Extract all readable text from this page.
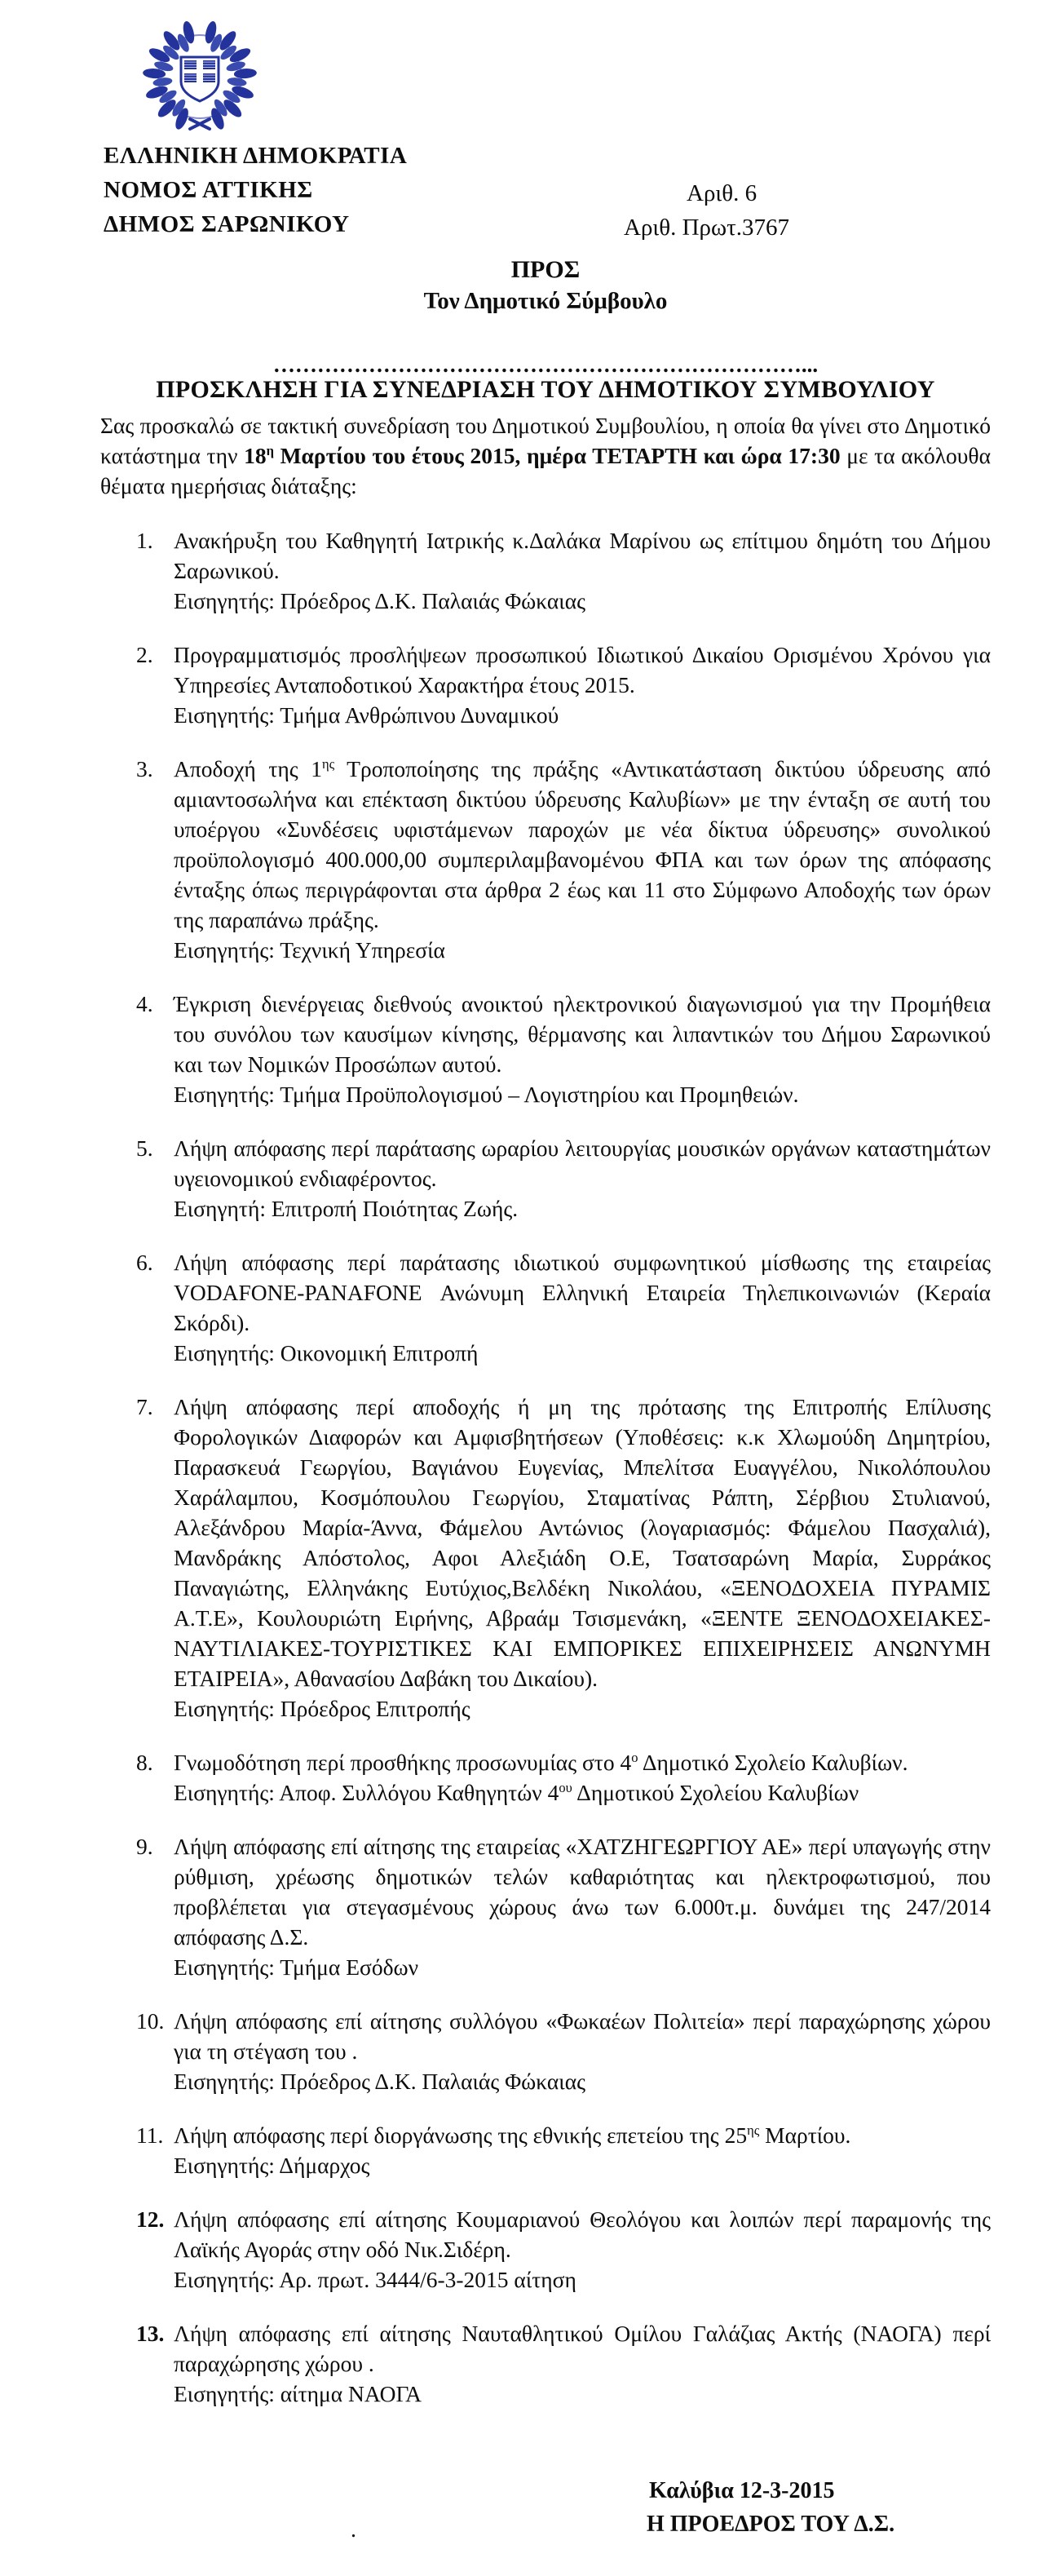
ΕΛΛΗΝΙΚΗ ΔΗΜΟΚΡΑΤΙΑ
ΝΟΜΟΣ ΑΤΤΙΚΗΣ
ΔΗΜΟΣ ΣΑΡΩΝΙΚΟΥ
Αριθ. 6
Αριθ. Πρωτ.3767
ΠΡΟΣ
Τον Δημοτικό Σύμβουλο
………………………………………………………………...
ΠΡΟΣΚΛΗΣΗ ΓΙΑ ΣΥΝΕΔΡΙΑΣΗ ΤΟΥ ΔΗΜΟΤΙΚΟΥ ΣΥΜΒΟΥΛΙΟΥ

Σας προσκαλώ σε τακτική συνεδρίαση του Δημοτικού Συμβουλίου, η οποία θα γίνει στο Δημοτικό κατάστημα την $18^\eta$ Μαρτίου του έτους 2015, ημέρα ΤΕΤΑΡΤΗ και ώρα 17:30 με τα ακόλουθα θέματα ημερήσιας διάταξης:

1. Ανακήρυξη του Καθηγητή Ιατρικής κ.Δαλάκα Μαρίνου ως επίτιμου δημότη του Δήμου Σαρωνικού.
Εισηγητής: Πρόεδρος Δ.Κ. Παλαιάς Φώκαιας
2. Προγραμματισμός προσλήψεων προσωπικού Ιδιωτικού Δικαίου Ορισμένου Χρόνου για Υπηρεσίες Ανταποδοτικού Χαρακτήρα έτους 2015.
Εισηγητής: Τμήμα Ανθρώπινου Δυναμικού
3. Αποδοχή της $1^{\eta\varsigma}$ Τροποποίησης της πράξης «Αντικατάσταση δικτύου ύδρευσης από αμιαντοσωλήνα και επέκταση δικτύου ύδρευσης Καλυβίων» με την ένταξη σε αυτή του υποέργου «Συνδέσεις υφιστάμενων παροχών με νέα δίκτυα ύδρευσης» συνολικού προϋπολογισμό 400.000,00 συμπεριλαμβανομένου ΦΠΑ και των όρων της απόφασης ένταξης όπως περιγράφονται στα άρθρα 2 έως και 11 στο Σύμφωνο Αποδοχής των όρων της παραπάνω πράξης.
Εισηγητής: Τεχνική Υπηρεσία
4. Έγκριση διενέργειας διεθνούς ανοικτού ηλεκτρονικού διαγωνισμού για την Προμήθεια του συνόλου των καυσίμων κίνησης, θέρμανσης και λιπαντικών του Δήμου Σαρωνικού και των Νομικών Προσώπων αυτού.
Εισηγητής: Τμήμα Προϋπολογισμού – Λογιστηρίου και Προμηθειών.
5. Λήψη απόφασης περί παράτασης ωραρίου λειτουργίας μουσικών οργάνων καταστημάτων υγειονομικού ενδιαφέροντος.
Εισηγητή: Επιτροπή Ποιότητας Ζωής.
6. Λήψη απόφασης περί παράτασης ιδιωτικού συμφωνητικού μίσθωσης της εταιρείας VODAFONE-PANAFONE Ανώνυμη Ελληνική Εταιρεία Τηλεπικοινωνιών (Κεραία Σκόρδι).
Εισηγητής: Οικονομική Επιτροπή
7. Λήψη απόφασης περί αποδοχής ή μη της πρότασης της Επιτροπής Επίλυσης Φορολογικών Διαφορών και Αμφισβητήσεων (Υποθέσεις: κ.κ Χλωμούδη Δημητρίου, Παρασκευά Γεωργίου, Βαγιάνου Ευγενίας, Μπελίτσα Ευαγγέλου, Νικολόπουλου Χαράλαμπου, Κοσμόπουλου Γεωργίου, Σταματίνας Ράπτη, Σέρβιου Στυλιανού, Αλεξάνδρου Μαρία-Άννα, Φάμελου Αντώνιος (λογαριασμός: Φάμελου Πασχαλιά), Μανδράκης Απόστολος, Αφοι Αλεξιάδη Ο.Ε, Τσατσαρώνη Μαρία, Συρράκος Παναγιώτης, Ελληνάκης Ευτύχιος,Βελδέκη Νικολάου, «ΞΕΝΟΔΟΧΕΙΑ ΠΥΡΑΜΙΣ Α.Τ.Ε», Κουλουριώτη Ειρήνης, Αβραάμ Τσισμενάκη, «ΞΕΝΤΕ ΞΕΝΟΔΟΧΕΙΑΚΕΣ-ΝΑΥΤΙΛΙΑΚΕΣ-ΤΟΥΡΙΣΤΙΚΕΣ ΚΑΙ ΕΜΠΟΡΙΚΕΣ ΕΠΙΧΕΙΡΗΣΕΙΣ ΑΝΩΝΥΜΗ ΕΤΑΙΡΕΙΑ», Αθανασίου Δαβάκη του Δικαίου).
Εισηγητής: Πρόεδρος Επιτροπής
8. Γνωμοδότηση περί προσθήκης προσωνυμίας στο $4^o$ Δημοτικό Σχολείο Καλυβίων.
Εισηγητής: Αποφ. Συλλόγου Καθηγητών $4^{o\upsilon}$ Δημοτικού Σχολείου Καλυβίων
9. Λήψη απόφασης επί αίτησης της εταιρείας «ΧΑΤΖΗΓΕΩΡΓΙΟΥ ΑΕ» περί υπαγωγής στην ρύθμιση, χρέωσης δημοτικών τελών καθαριότητας και ηλεκτροφωτισμού, που προβλέπεται για στεγασμένους χώρους άνω των 6.000τ.μ. δυνάμει της 247/2014 απόφασης Δ.Σ.
Εισηγητής: Τμήμα Εσόδων
10. Λήψη απόφασης επί αίτησης συλλόγου «Φωκαέων Πολιτεία» περί παραχώρησης χώρου για τη στέγαση του .
Εισηγητής: Πρόεδρος Δ.Κ. Παλαιάς Φώκαιας
11. Λήψη απόφασης περί διοργάνωσης της εθνικής επετείου της $25^{\eta\varsigma}$ Μαρτίου.
Εισηγητής: Δήμαρχος
12. Λήψη απόφασης επί αίτησης Κουμαριανού Θεολόγου και λοιπών περί παραμονής της Λαϊκής Αγοράς στην οδό Νικ.Σιδέρη.
Εισηγητής: Αρ. πρωτ. 3444/6-3-2015 αίτηση
13. Λήψη απόφασης επί αίτησης Ναυταθλητικού Ομίλου Γαλάζιας Ακτής (ΝΑΟΓΑ) περί παραχώρησης χώρου .
Εισηγητής: αίτημα ΝΑΟΓΑ
Καλύβια 12-3-2015
Η ΠΡΟΕΔΡΟΣ ΤΟΥ Δ.Σ.
.
